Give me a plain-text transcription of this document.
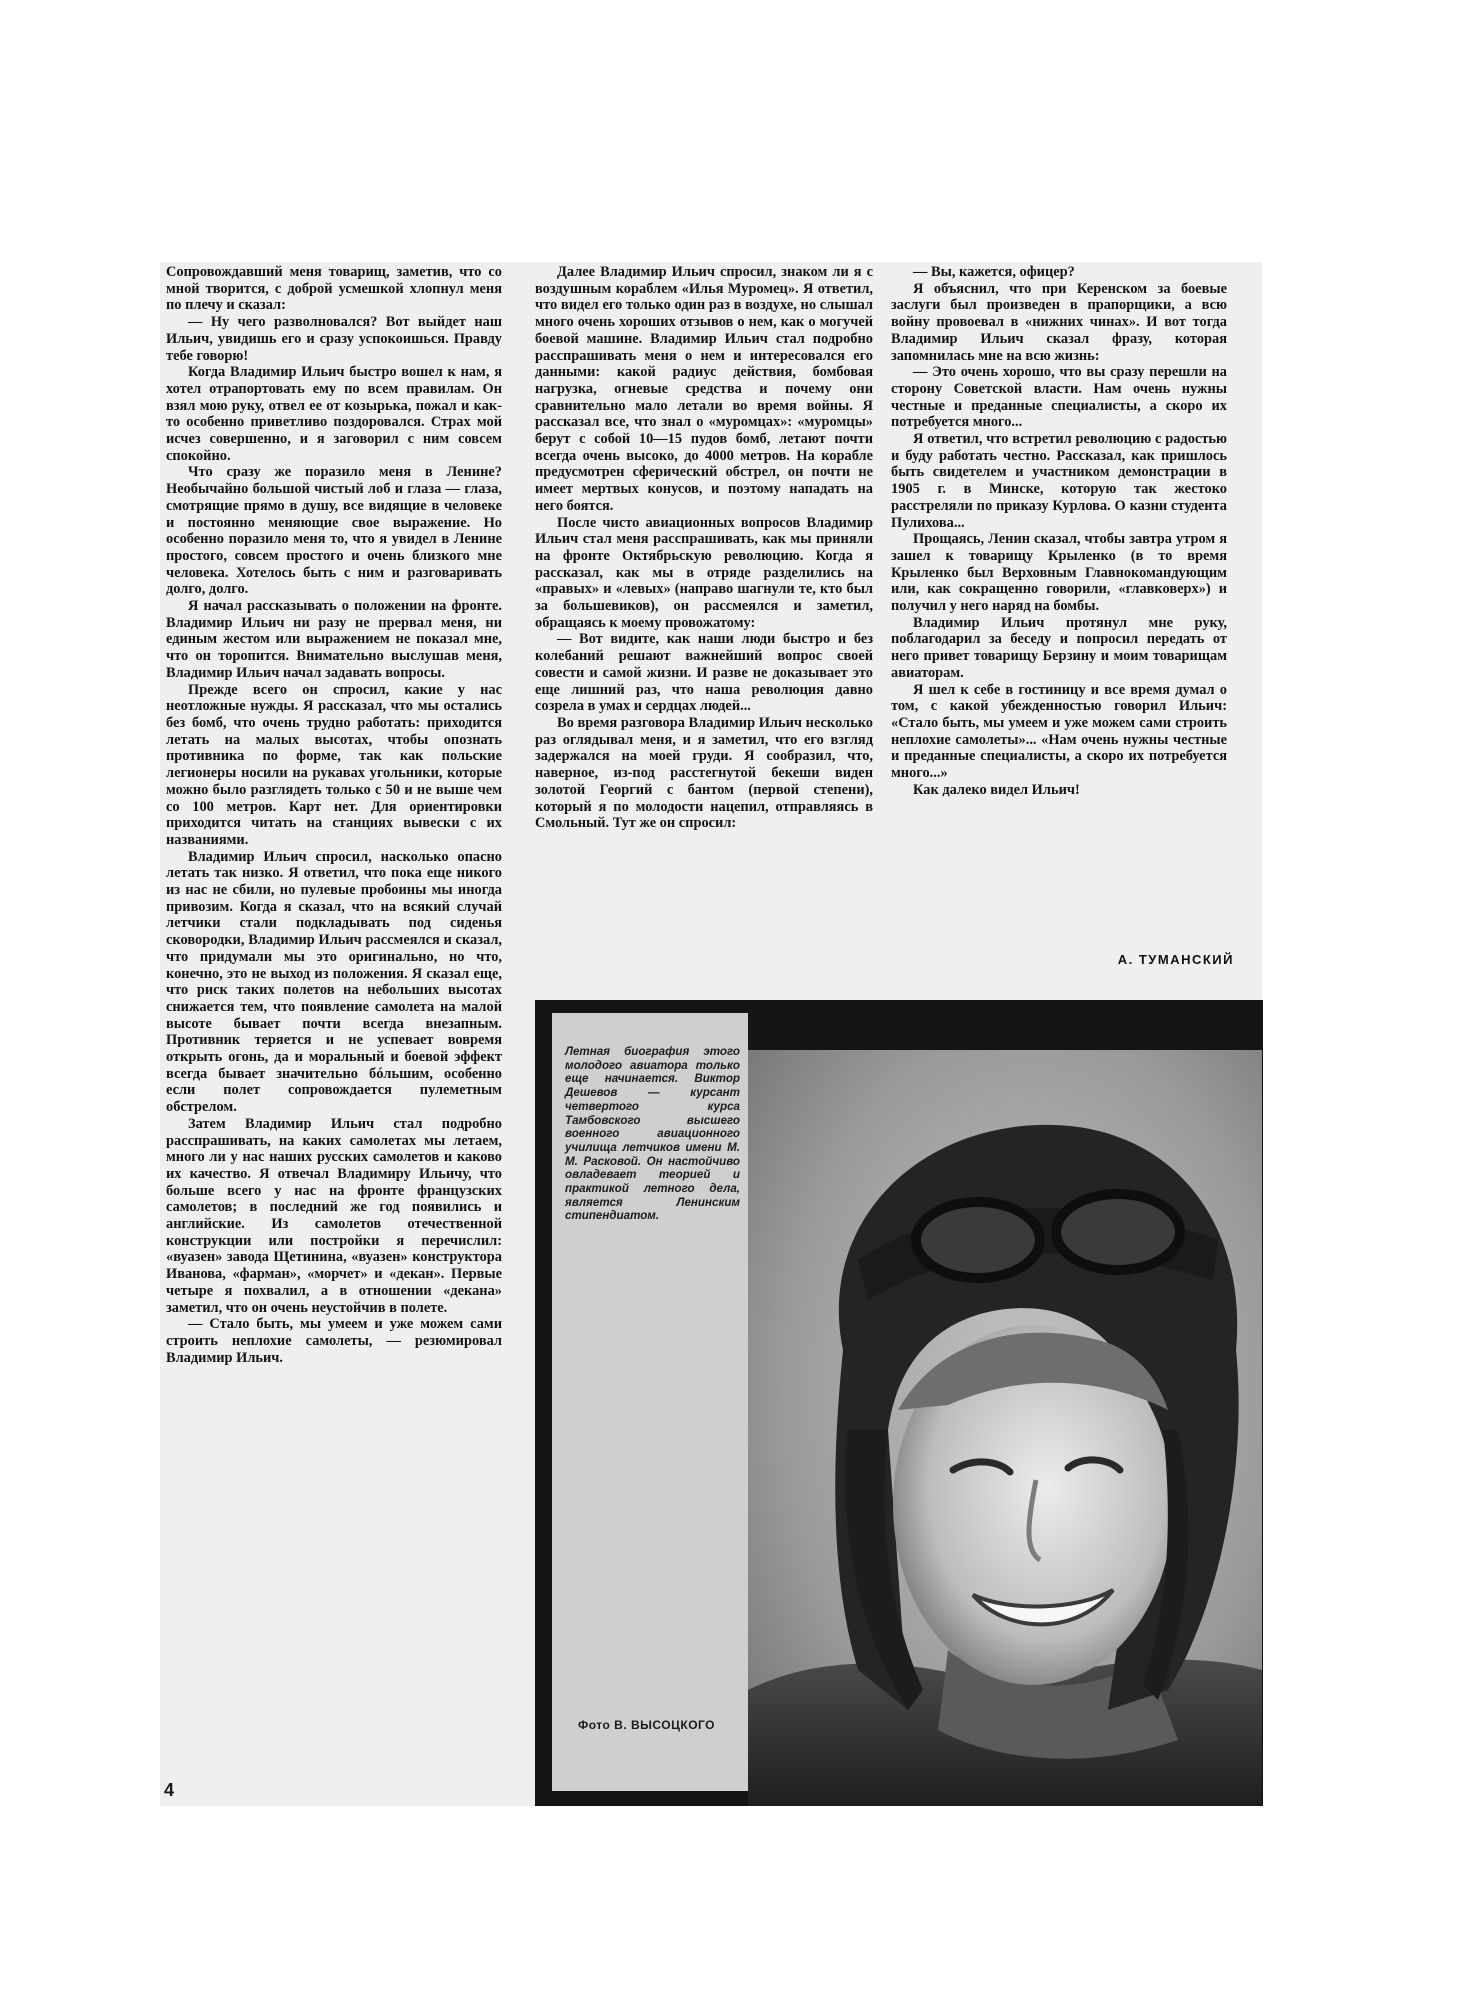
Сопровождавший меня товарищ, заметив, что со мной творится, с доброй усмешкой хлопнул меня по плечу и сказал:

— Ну чего разволновался? Вот выйдет наш Ильич, увидишь его и сразу успокоишься. Правду тебе говорю!

Когда Владимир Ильич быстро вошел к нам, я хотел отрапортовать ему по всем правилам. Он взял мою руку, отвел ее от козырька, пожал и как-то особенно приветливо поздоровался. Страх мой исчез совершенно, и я заговорил с ним совсем спокойно.

Что сразу же поразило меня в Ленине? Необычайно большой чистый лоб и глаза — глаза, смотрящие прямо в душу, все видящие в человеке и постоянно меняющие свое выражение. Но особенно поразило меня то, что я увидел в Ленине простого, совсем простого и очень близкого мне человека. Хотелось быть с ним и разговаривать долго, долго.

Я начал рассказывать о положении на фронте. Владимир Ильич ни разу не прервал меня, ни единым жестом или выражением не показал мне, что он торопится. Внимательно выслушав меня, Владимир Ильич начал задавать вопросы.

Прежде всего он спросил, какие у нас неотложные нужды. Я рассказал, что мы остались без бомб, что очень трудно работать: приходится летать на малых высотах, чтобы опознать противника по форме, так как польские легионеры носили на рукавах угольники, которые можно было разглядеть только с 50 и не выше чем со 100 метров. Карт нет. Для ориентировки приходится читать на станциях вывески с их названиями.

Владимир Ильич спросил, насколько опасно летать так низко. Я ответил, что пока еще никого из нас не сбили, но пулевые пробоины мы иногда привозим. Когда я сказал, что на всякий случай летчики стали подкладывать под сиденья сковородки, Владимир Ильич рассмеялся и сказал, что придумали мы это оригинально, но что, конечно, это не выход из положения. Я сказал еще, что риск таких полетов на небольших высотах снижается тем, что появление самолета на малой высоте бывает почти всегда внезапным. Противник теряется и не успевает вовремя открыть огонь, да и моральный и боевой эффект всегда бывает значительно бóльшим, особенно если полет сопровождается пулеметным обстрелом.

Затем Владимир Ильич стал подробно расспрашивать, на каких самолетах мы летаем, много ли у нас наших русских самолетов и каково их качество. Я отвечал Владимиру Ильичу, что больше всего у нас на фронте французских самолетов; в последний же год появились и английские. Из самолетов отечественной конструкции или постройки я перечислил: «вуазен» завода Щетинина, «вуазен» конструктора Иванова, «фарман», «морчет» и «декан». Первые четыре я похвалил, а в отношении «декана» заметил, что он очень неустойчив в полете.

— Стало быть, мы умеем и уже можем сами строить неплохие самолеты, — резюмировал Владимир Ильич.

Далее Владимир Ильич спросил, знаком ли я с воздушным кораблем «Илья Муромец». Я ответил, что видел его только один раз в воздухе, но слышал много очень хороших отзывов о нем, как о могучей боевой машине. Владимир Ильич стал подробно расспрашивать меня о нем и интересовался его данными: какой радиус действия, бомбовая нагрузка, огневые средства и почему они сравнительно мало летали во время войны. Я рассказал все, что знал о «муромцах»: «муромцы» берут с собой 10—15 пудов бомб, летают почти всегда очень высоко, до 4000 метров. На корабле предусмотрен сферический обстрел, он почти не имеет мертвых конусов, и поэтому нападать на него боятся.

После чисто авиационных вопросов Владимир Ильич стал меня расспрашивать, как мы приняли на фронте Октябрьскую революцию. Когда я рассказал, как мы в отряде разделились на «правых» и «левых» (направо шагнули те, кто был за большевиков), он рассмеялся и заметил, обращаясь к моему провожатому:

— Вот видите, как наши люди быстро и без колебаний решают важнейший вопрос своей совести и самой жизни. И разве не доказывает это еще лишний раз, что наша революция давно созрела в умах и сердцах людей...

Во время разговора Владимир Ильич несколько раз оглядывал меня, и я заметил, что его взгляд задержался на моей груди. Я сообразил, что, наверное, из-под расстегнутой бекеши виден золотой Георгий с бантом (первой степени), который я по молодости нацепил, отправляясь в Смольный. Тут же он спросил:

— Вы, кажется, офицер?

Я объяснил, что при Керенском за боевые заслуги был произведен в прапорщики, а всю войну провоевал в «нижних чинах». И вот тогда Владимир Ильич сказал фразу, которая запомнилась мне на всю жизнь:

— Это очень хорошо, что вы сразу перешли на сторону Советской власти. Нам очень нужны честные и преданные специалисты, а скоро их потребуется много...

Я ответил, что встретил революцию с радостью и буду работать честно. Рассказал, как пришлось быть свидетелем и участником демонстрации в 1905 г. в Минске, которую так жестоко расстреляли по приказу Курлова. О казни студента Пулихова...

Прощаясь, Ленин сказал, чтобы завтра утром я зашел к товарищу Крыленко (в то время Крыленко был Верховным Главнокомандующим или, как сокращенно говорили, «главковерх») и получил у него наряд на бомбы.

Владимир Ильич протянул мне руку, поблагодарил за беседу и попросил передать от него привет товарищу Берзину и моим товарищам авиаторам.

Я шел к себе в гостиницу и все время думал о том, с какой убежденностью говорил Ильич: «Стало быть, мы умеем и уже можем сами строить неплохие самолеты»... «Нам очень нужны честные и преданные специалисты, а скоро их потребуется много...»

Как далеко видел Ильич!

А. ТУМАНСКИЙ
Летная биография этого молодого авиатора только еще начинается. Виктор Дешевов — курсант четвертого курса Тамбовского высшего военного авиационного училища летчиков имени М. М. Расковой. Он настойчиво овладевает теорией и практикой летного дела, является Ленинским стипендиатом.
Фото В. ВЫСОЦКОГО
4
